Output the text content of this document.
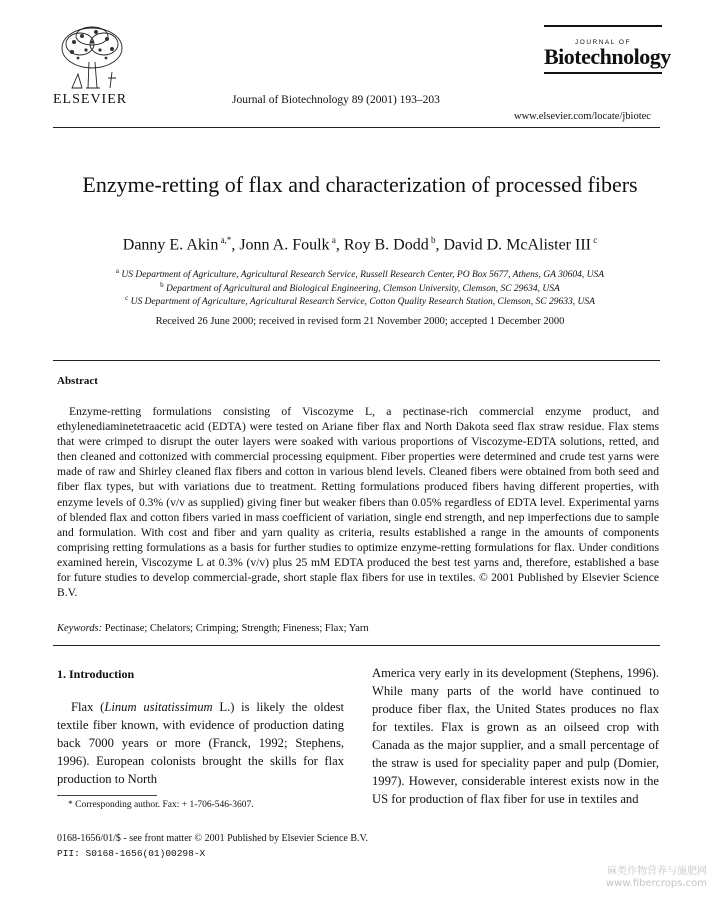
ELSEVIER	Journal of Biotechnology 89 (2001) 193–203
JOURNAL OF
Biotechnology
www.elsevier.com/locate/jbiotec
Enzyme-retting of flax and characterization of processed fibers
Danny E. Akin $^{a,*}$, Jonn A. Foulk $^a$, Roy B. Dodd $^b$, David D. McAlister III $^c$
$^a$ US Department of Agriculture, Agricultural Research Service, Russell Research Center, PO Box 5677, Athens, GA 30604, USA
$^b$ Department of Agricultural and Biological Engineering, Clemson University, Clemson, SC 29634, USA
$^c$ US Department of Agriculture, Agricultural Research Service, Cotton Quality Research Station, Clemson, SC 29633, USA
Received 26 June 2000; received in revised form 21 November 2000; accepted 1 December 2000
Abstract
Enzyme-retting formulations consisting of Viscozyme L, a pectinase-rich commercial enzyme product, and ethylenediaminetetraacetic acid (EDTA) were tested on Ariane fiber flax and North Dakota seed flax straw residue. Flax stems that were crimped to disrupt the outer layers were soaked with various proportions of Viscozyme-EDTA solutions, retted, and then cleaned and cottonized with commercial processing equipment. Fiber properties were determined and crude test yarns were made of raw and Shirley cleaned flax fibers and cotton in various blend levels. Cleaned fibers were obtained from both seed and fiber flax types, but with variations due to treatment. Retting formulations produced fibers having different properties, with enzyme levels of 0.3% (v/v as supplied) giving finer but weaker fibers than 0.05% regardless of EDTA level. Experimental yarns of blended flax and cotton fibers varied in mass coefficient of variation, single end strength, and nep imperfections due to sample and formulation. With cost and fiber and yarn quality as criteria, results established a range in the amounts of components comprising retting formulations as a basis for further studies to optimize enzyme-retting formulations for flax. Under conditions examined herein, Viscozyme L at 0.3% (v/v) plus 25 mM EDTA produced the best test yarns and, therefore, established a base for future studies to develop commercial-grade, short staple flax fibers for use in textiles. © 2001 Published by Elsevier Science B.V.
Keywords: Pectinase; Chelators; Crimping; Strength; Fineness; Flax; Yarn
1. Introduction
Flax (Linum usitatissimum L.) is likely the oldest textile fiber known, with evidence of production dating back 7000 years or more (Franck, 1992; Stephens, 1996). European colonists brought the skills for flax production to North
America very early in its development (Stephens, 1996). While many parts of the world have continued to produce fiber flax, the United States produces no flax for textiles. Flax is grown as an oilseed crop with Canada as the major supplier, and a small percentage of the straw is used for speciality paper and pulp (Domier, 1997). However, considerable interest exists now in the US for production of flax fiber for use in textiles and
* Corresponding author. Fax: + 1-706-546-3607.
0168-1656/01/$ - see front matter © 2001 Published by Elsevier Science B.V.
PII: S0168-1656(01)00298-X
麻类作物营养与施肥网
www.fibercrops.com
